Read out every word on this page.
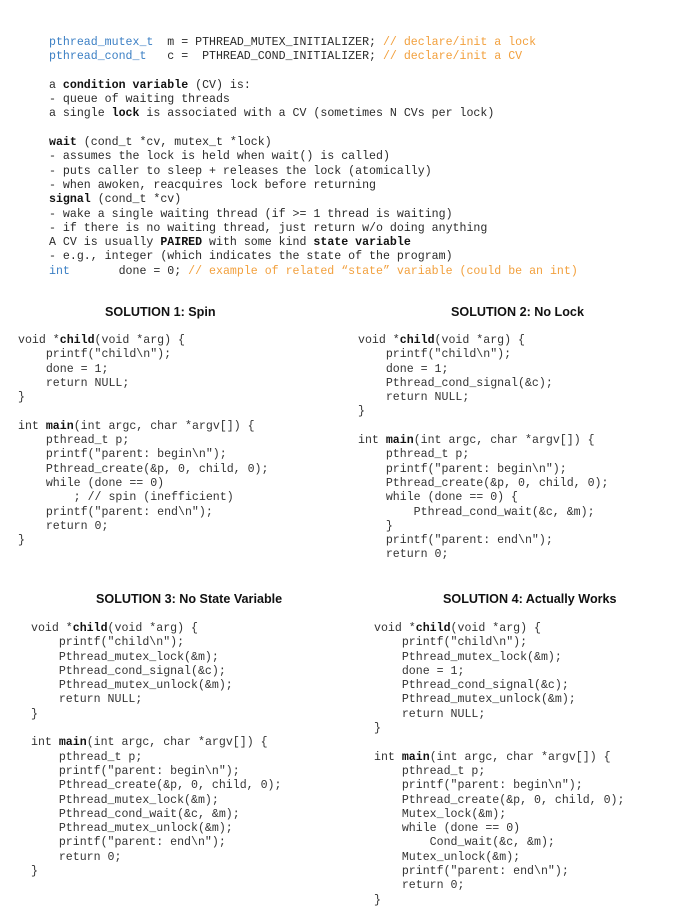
pthread_mutex_t  m = PTHREAD_MUTEX_INITIALIZER; // declare/init a lock
pthread_cond_t   c =  PTHREAD_COND_INITIALIZER; // declare/init a CV
a condition variable (CV) is:
- queue of waiting threads
a single lock is associated with a CV (sometimes N CVs per lock)
wait (cond_t *cv, mutex_t *lock)
- assumes the lock is held when wait() is called)
- puts caller to sleep + releases the lock (atomically)
- when awoken, reacquires lock before returning
signal (cond_t *cv)
- wake a single waiting thread (if >= 1 thread is waiting)
- if there is no waiting thread, just return w/o doing anything
A CV is usually PAIRED with some kind state variable
- e.g., integer (which indicates the state of the program)
int       done = 0; // example of related “state” variable (could be an int)
SOLUTION 1: Spin
void *child(void *arg) {
printf("child\n");
done = 1;
return NULL;
}
int main(int argc, char *argv[]) {
pthread_t p;
printf("parent: begin\n");
Pthread_create(&p, 0, child, 0);
while (done == 0)
; // spin (inefficient)
printf("parent: end\n");
return 0;
}
SOLUTION 2: No Lock
void *child(void *arg) {
printf("child\n");
done = 1;
Pthread_cond_signal(&c);
return NULL;
}
int main(int argc, char *argv[]) {
pthread_t p;
printf("parent: begin\n");
Pthread_create(&p, 0, child, 0);
while (done == 0) {
Pthread_cond_wait(&c, &m);
}
printf("parent: end\n");
return 0;
SOLUTION 3: No State Variable
void *child(void *arg) {
printf("child\n");
Pthread_mutex_lock(&m);
Pthread_cond_signal(&c);
Pthread_mutex_unlock(&m);
return NULL;
}
int main(int argc, char *argv[]) {
pthread_t p;
printf("parent: begin\n");
Pthread_create(&p, 0, child, 0);
Pthread_mutex_lock(&m);
Pthread_cond_wait(&c, &m);
Pthread_mutex_unlock(&m);
printf("parent: end\n");
return 0;
}
SOLUTION 4: Actually Works
void *child(void *arg) {
printf("child\n");
Pthread_mutex_lock(&m);
done = 1;
Pthread_cond_signal(&c);
Pthread_mutex_unlock(&m);
return NULL;
}
int main(int argc, char *argv[]) {
pthread_t p;
printf("parent: begin\n");
Pthread_create(&p, 0, child, 0);
Mutex_lock(&m);
while (done == 0)
Cond_wait(&c, &m);
Mutex_unlock(&m);
printf("parent: end\n");
return 0;
}
